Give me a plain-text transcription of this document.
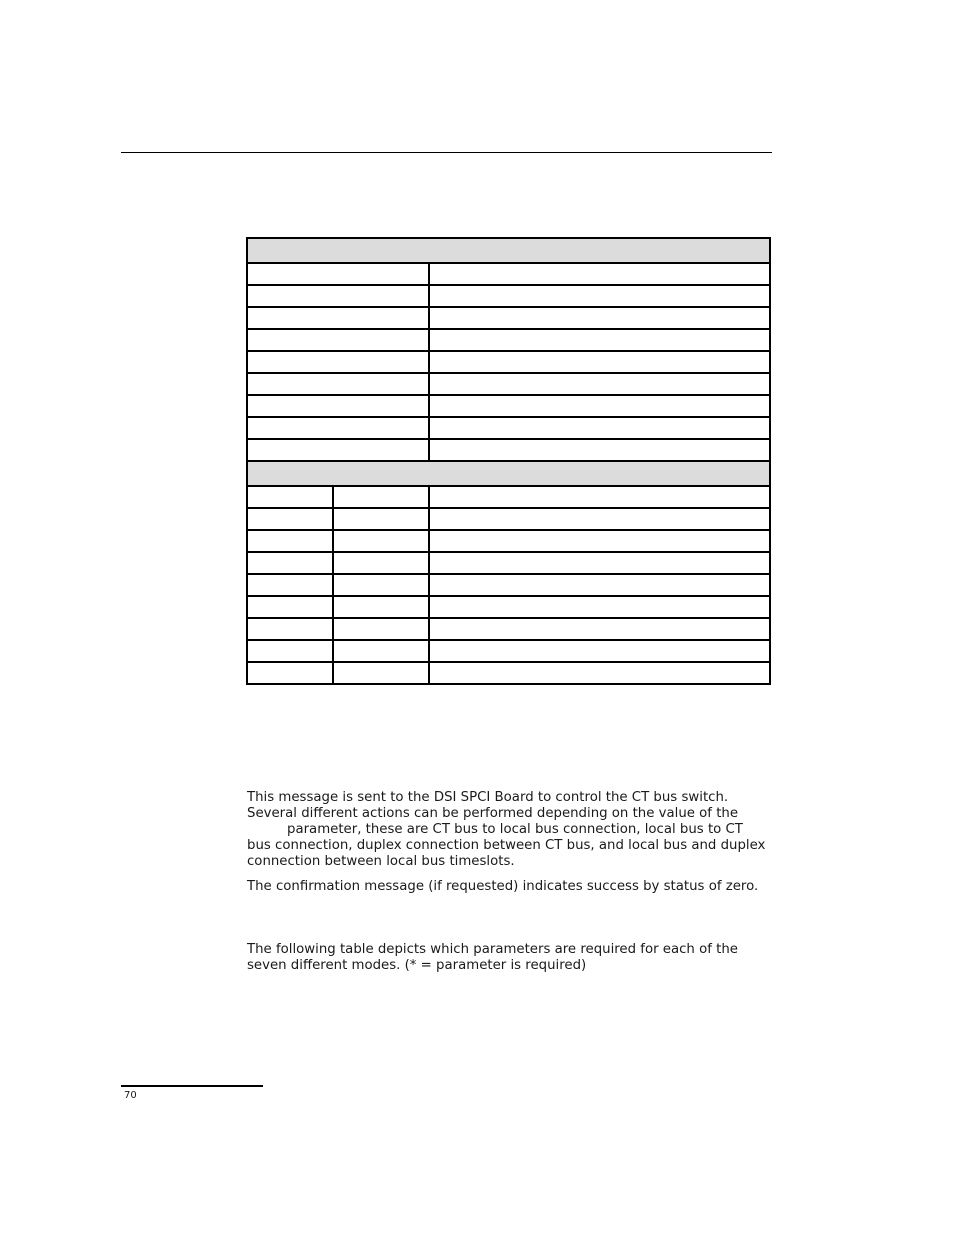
This message is sent to the DSI SPCI Board to control the CT bus switch. Several different actions can be performed depending on the value of the
parameter, these are CT bus to local bus connection, local bus to CT bus connection, duplex connection between CT bus, and local bus and duplex connection between local bus timeslots.

The confirmation message (if requested) indicates success by status of zero.

The following table depicts which parameters are required for each of the seven different modes. (* = parameter is required)

70
